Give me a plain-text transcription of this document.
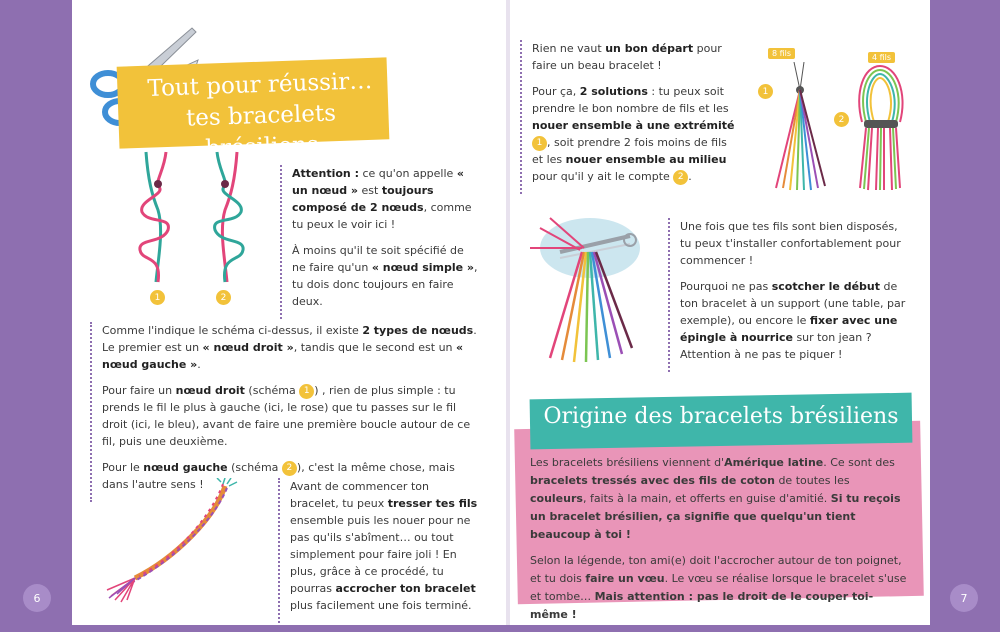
6	7
Tout pour réussir…
tes bracelets brésiliens
1	2

Attention : ce qu'on appelle « un nœud » est toujours composé de 2 nœuds, comme tu peux le voir ici !

À moins qu'il te soit spécifié de ne faire qu'un « nœud simple », tu dois donc toujours en faire deux.

Comme l'indique le schéma ci-dessus, il existe 2 types de nœuds. Le premier est un « nœud droit », tandis que le second est un « nœud gauche ».

Pour faire un nœud droit (schéma 1 ) , rien de plus simple : tu prends le fil le plus à gauche (ici, le rose) que tu passes sur le fil droit (ici, le bleu), avant de faire une première boucle autour de ce fil, puis une deuxième.

Pour le nœud gauche (schéma 2 ), c'est la même chose, mais dans l'autre sens !	Avant de commencer ton bracelet, tu peux tresser tes fils ensemble puis les nouer pour ne pas qu'ils s'abîment… ou tout simplement pour faire joli ! En plus, grâce à ce procédé, tu pourras accrocher ton bracelet plus facilement une fois terminé.

Rien ne vaut un bon départ pour faire un beau bracelet !

Pour ça, 2 solutions : tu peux soit prendre le bon nombre de fils et les nouer ensemble à une extrémité 1 , soit prendre 2 fois moins de fils et les nouer ensemble au milieu pour qu'il y ait le compte 2 .

8 fils	4 fils
1
2

Une fois que tes fils sont bien disposés, tu peux t'installer confortablement pour commencer !

Pourquoi ne pas scotcher le début de ton bracelet à un support (une table, par exemple), ou encore le fixer avec une épingle à nourrice sur ton jean ? Attention à ne pas te piquer !

Origine des bracelets brésiliens

Les bracelets brésiliens viennent d'Amérique latine. Ce sont des bracelets tressés avec des fils de coton de toutes les couleurs, faits à la main, et offerts en guise d'amitié. Si tu reçois un bracelet brésilien, ça signifie que quelqu'un tient beaucoup à toi !

Selon la légende, ton ami(e) doit l'accrocher autour de ton poignet, et tu dois faire un vœu. Le vœu se réalise lorsque le bracelet s'use et tombe… Mais attention : pas le droit de le couper toi-même !
